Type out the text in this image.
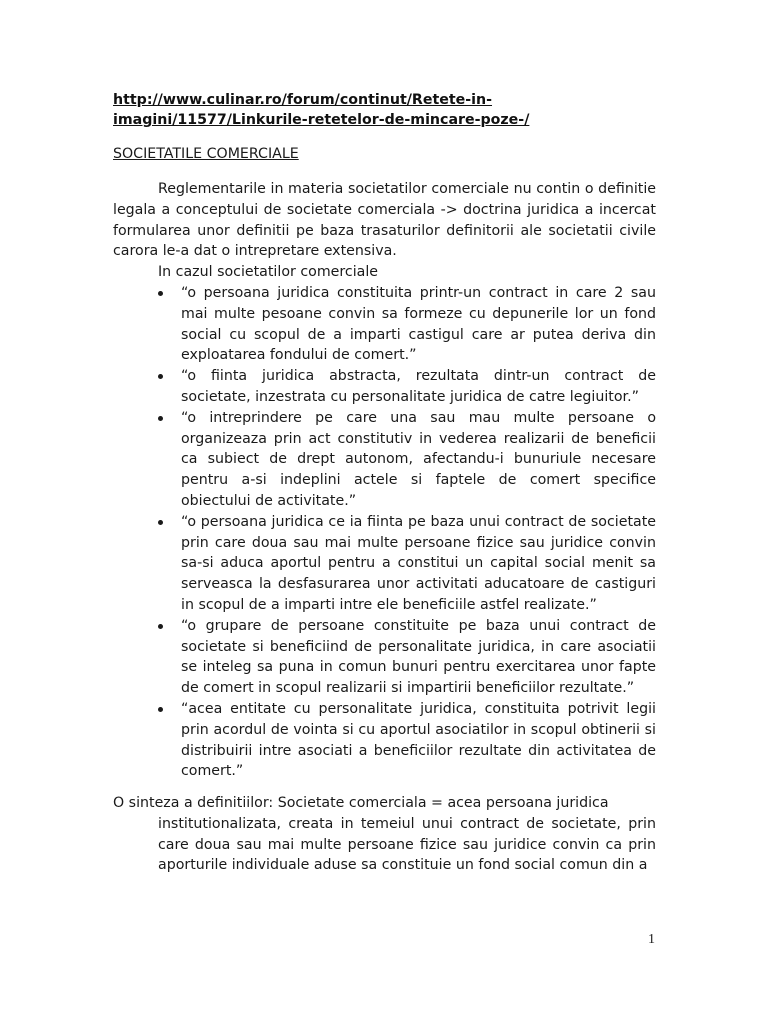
http://www.culinar.ro/forum/continut/Retete-in-
imagini/11577/Linkurile-retetelor-de-mincare-poze-/
SOCIETATILE COMERCIALE
Reglementarile in materia societatilor comerciale nu contin o definitie legala a conceptului de societate comerciala -> doctrina juridica a incercat formularea unor definitii pe baza trasaturilor definitorii ale societatii civile carora le-a dat o intrepretare extensiva.
In cazul societatilor comerciale
“o persoana juridica constituita printr-un contract in care 2 sau mai multe pesoane convin sa formeze cu depunerile lor un fond social cu scopul de a imparti castigul care ar putea deriva din exploatarea fondului de comert.”
“o fiinta juridica abstracta, rezultata dintr-un contract de societate, inzestrata cu personalitate juridica de catre legiuitor.”
“o intreprindere pe care una sau mau multe persoane o organizeaza prin act constitutiv in vederea realizarii de beneficii ca subiect de drept autonom, afectandu-i bunuriule necesare pentru a-si indeplini actele si faptele de comert specifice obiectului de activitate.”
“o persoana juridica ce ia fiinta pe baza unui contract de societate prin care doua sau mai multe persoane fizice sau juridice convin sa-si aduca aportul pentru a constitui un capital social menit sa serveasca la desfasurarea unor activitati aducatoare de castiguri in scopul de a imparti intre ele beneficiile astfel realizate.”
“o grupare de persoane constituite pe baza unui contract de societate si beneficiind de personalitate juridica, in care asociatii se inteleg sa puna in comun bunuri pentru exercitarea unor fapte de comert in scopul realizarii si impartirii beneficiilor rezultate.”
“acea entitate cu personalitate juridica, constituita potrivit legii prin acordul de vointa si cu aportul asociatilor in scopul obtinerii si distribuirii intre asociati a beneficiilor rezultate din activitatea de comert.”
O sinteza a definitiilor: Societate comerciala = acea persoana juridica
institutionalizata, creata in temeiul unui contract de societate, prin care doua sau mai multe persoane fizice sau juridice convin ca prin aporturile individuale aduse sa constituie un fond social comun din a
1
